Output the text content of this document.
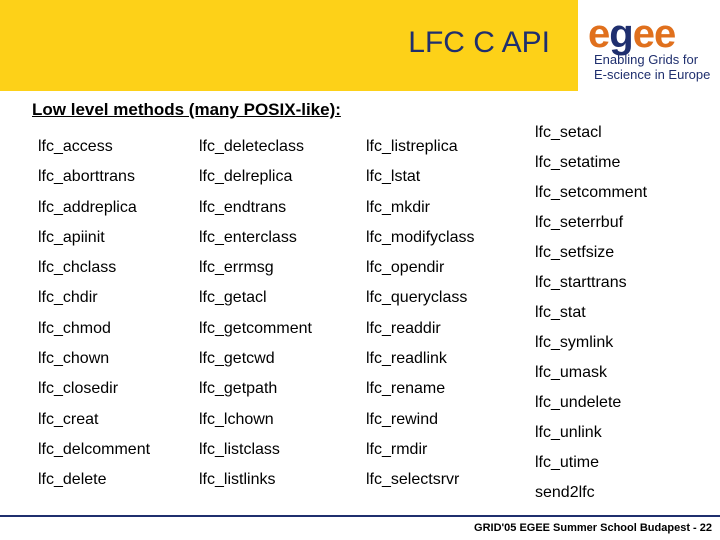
LFC C API egee
Enabling Grids for
E-science in Europe
Low level methods (many POSIX-like):
lfc_access
lfc_aborttrans
lfc_addreplica
lfc_apiinit
lfc_chclass
lfc_chdir
lfc_chmod
lfc_chown
lfc_closedir
lfc_creat
lfc_delcomment
lfc_delete
lfc_deleteclass
lfc_delreplica
lfc_endtrans
lfc_enterclass
lfc_errmsg
lfc_getacl
lfc_getcomment
lfc_getcwd
lfc_getpath
lfc_lchown
lfc_listclass
lfc_listlinks
lfc_listreplica
lfc_lstat
lfc_mkdir
lfc_modifyclass
lfc_opendir
lfc_queryclass
lfc_readdir
lfc_readlink
lfc_rename
lfc_rewind
lfc_rmdir
lfc_selectsrvr
lfc_setacl
lfc_setatime
lfc_setcomment
lfc_seterrbuf
lfc_setfsize
lfc_starttrans
lfc_stat
lfc_symlink
lfc_umask
lfc_undelete
lfc_unlink
lfc_utime
send2lfc
GRID'05 EGEE Summer School Budapest - 22
